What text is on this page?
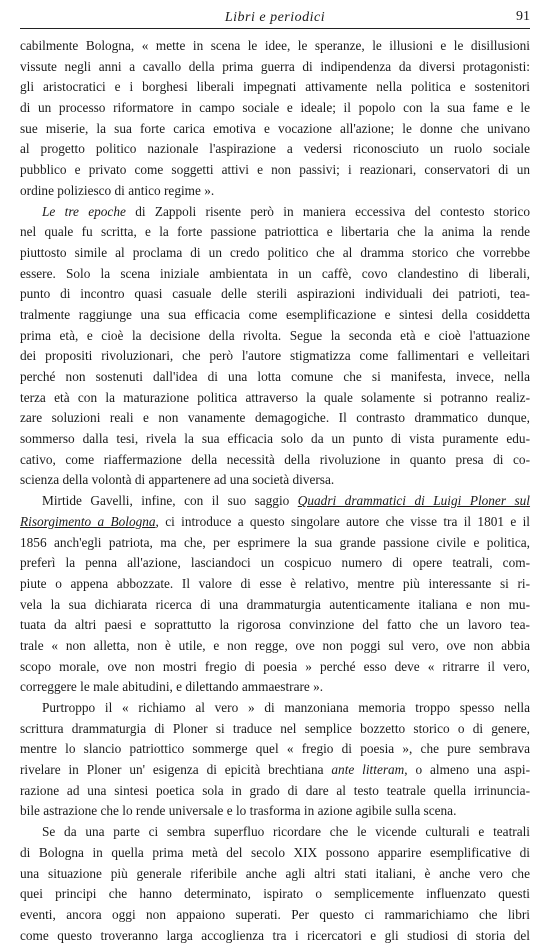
Libri e periodici	91
cabilmente Bologna, « mette in scena le idee, le speranze, le illusioni e le disillusioni
vissute negli anni a cavallo della prima guerra di indipendenza da diversi protagonisti:
gli aristocratici e i borghesi liberali impegnati attivamente nella politica e sostenitori
di un processo riformatore in campo sociale e ideale; il popolo con la sua fame e le
sue miserie, la sua forte carica emotiva e vocazione all'azione; le donne che univano
al progetto politico nazionale l'aspirazione a vedersi riconosciuto un ruolo sociale
pubblico e privato come soggetti attivi e non passivi; i reazionari, conservatori di un
ordine poliziesco di antico regime ».
Le tre epoche di Zappoli risente però in maniera eccessiva del contesto storico
nel quale fu scritta, e la forte passione patriottica e libertaria che la anima la rende
piuttosto simile al proclama di un credo politico che al dramma storico che vorrebbe
essere. Solo la scena iniziale ambientata in un caffè, covo clandestino di liberali,
punto di incontro quasi casuale delle sterili aspirazioni individuali dei patrioti, tea-
tralmente raggiunge una sua efficacia come esemplificazione e sintesi della cosiddetta
prima età, e cioè la decisione della rivolta. Segue la seconda età e cioè l'attuazione
dei propositi rivoluzionari, che però l'autore stigmatizza come fallimentari e velleitari
perché non sostenuti dall'idea di una lotta comune che si manifesta, invece, nella
terza età con la maturazione politica attraverso la quale solamente si potranno realiz-
zare soluzioni reali e non vanamente demagogiche. Il contrasto drammatico dunque,
sommerso dalla tesi, rivela la sua efficacia solo da un punto di vista puramente edu-
cativo, come riaffermazione della necessità della rivoluzione in quanto presa di co-
scienza della volontà di appartenere ad una società diversa.
Mirtide Gavelli, infine, con il suo saggio Quadri drammatici di Luigi Ploner sul
Risorgimento a Bologna, ci introduce a questo singolare autore che visse tra il 1801 e il
1856 anch'egli patriota, ma che, per esprimere la sua grande passione civile e politica,
preferì la penna all'azione, lasciandoci un cospicuo numero di opere teatrali, com-
piute o appena abbozzate. Il valore di esse è relativo, mentre più interessante si ri-
vela la sua dichiarata ricerca di una drammaturgia autenticamente italiana e non mu-
tuata da altri paesi e soprattutto la rigorosa convinzione del fatto che un lavoro tea-
trale « non alletta, non è utile, e non regge, ove non poggi sul vero, ove non abbia
scopo morale, ove non mostri fregio di poesia » perché esso deve « ritrarre il vero,
correggere le male abitudini, e dilettando ammaestrare ».
Purtroppo il « richiamo al vero » di manzoniana memoria troppo spesso nella
scrittura drammaturgia di Ploner si traduce nel semplice bozzetto storico o di genere,
mentre lo slancio patriottico sommerge quel « fregio di poesia », che pure sembrava
rivelare in Ploner un' esigenza di epicità brechtiana ante litteram, o almeno una aspi-
razione ad una sintesi poetica sola in grado di dare al testo teatrale quella irrinuncia-
bile astrazione che lo rende universale e lo trasforma in azione agibile sulla scena.
Se da una parte ci sembra superfluo ricordare che le vicende culturali e teatrali
di Bologna in quella prima metà del secolo XIX possono apparire esemplificative di
una situazione più generale riferibile anche agli altri stati italiani, è anche vero che
quei principi che hanno determinato, ispirato o semplicemente influenzato questi
eventi, ancora oggi non appaiono superati. Per questo ci rammarichiamo che libri
come questo troveranno larga accoglienza tra i ricercatori e gli studiosi di storia del
